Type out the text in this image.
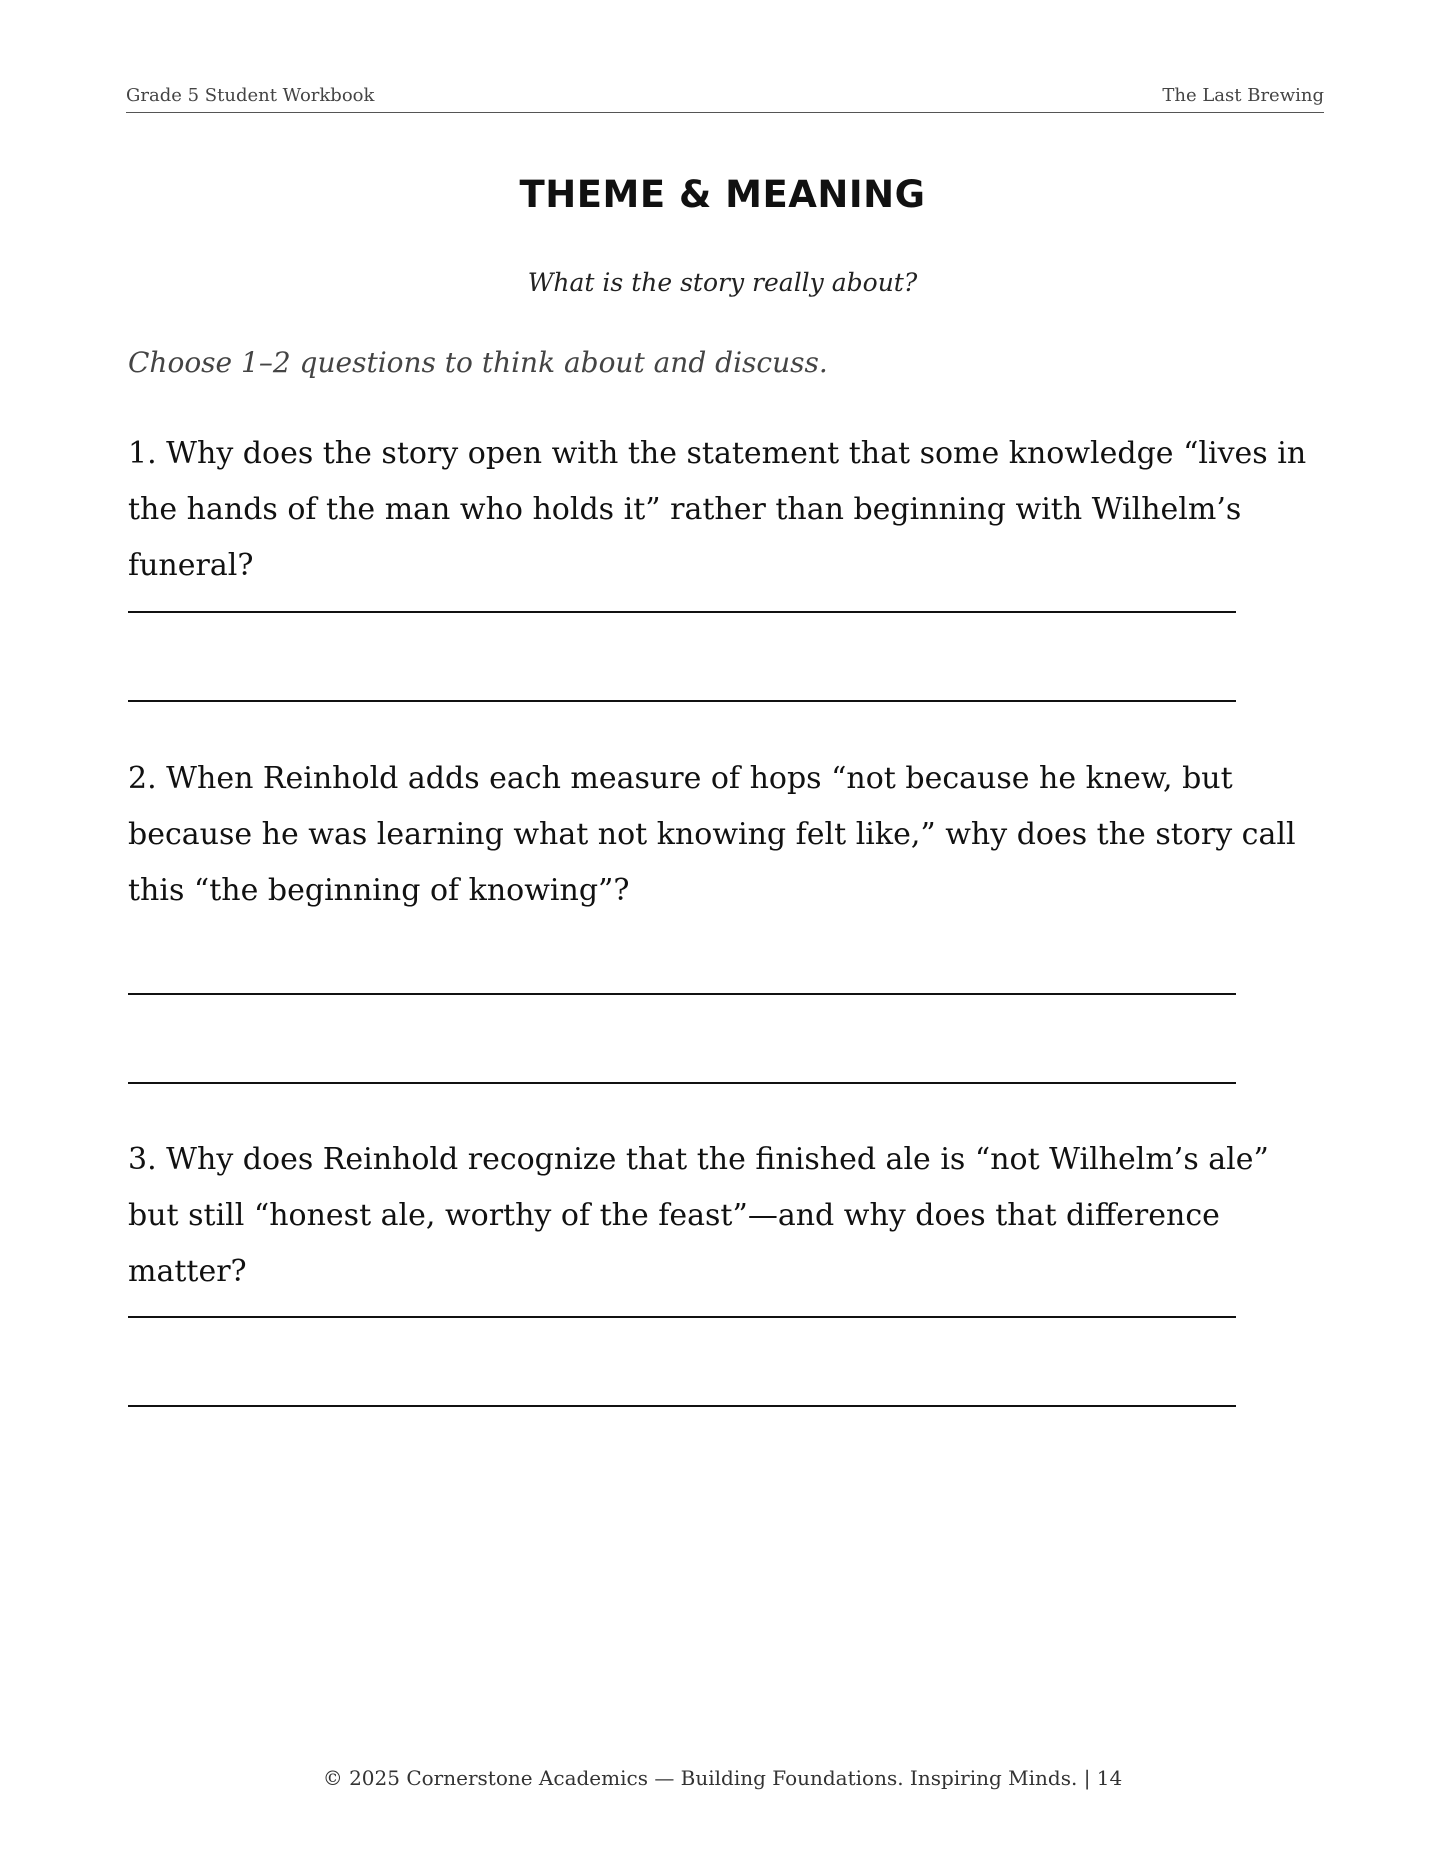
Grade 5 Student Workbook	The Last Brewing
THEME & MEANING
What is the story really about?
Choose 1–2 questions to think about and discuss.
1. Why does the story open with the statement that some knowledge “lives in the hands of the man who holds it” rather than beginning with Wilhelm’s funeral?
2. When Reinhold adds each measure of hops “not because he knew, but because he was learning what not knowing felt like,” why does the story call this “the beginning of knowing”?
3. Why does Reinhold recognize that the finished ale is “not Wilhelm’s ale” but still “honest ale, worthy of the feast”—and why does that difference matter?
© 2025 Cornerstone Academics — Building Foundations. Inspiring Minds. | 14
